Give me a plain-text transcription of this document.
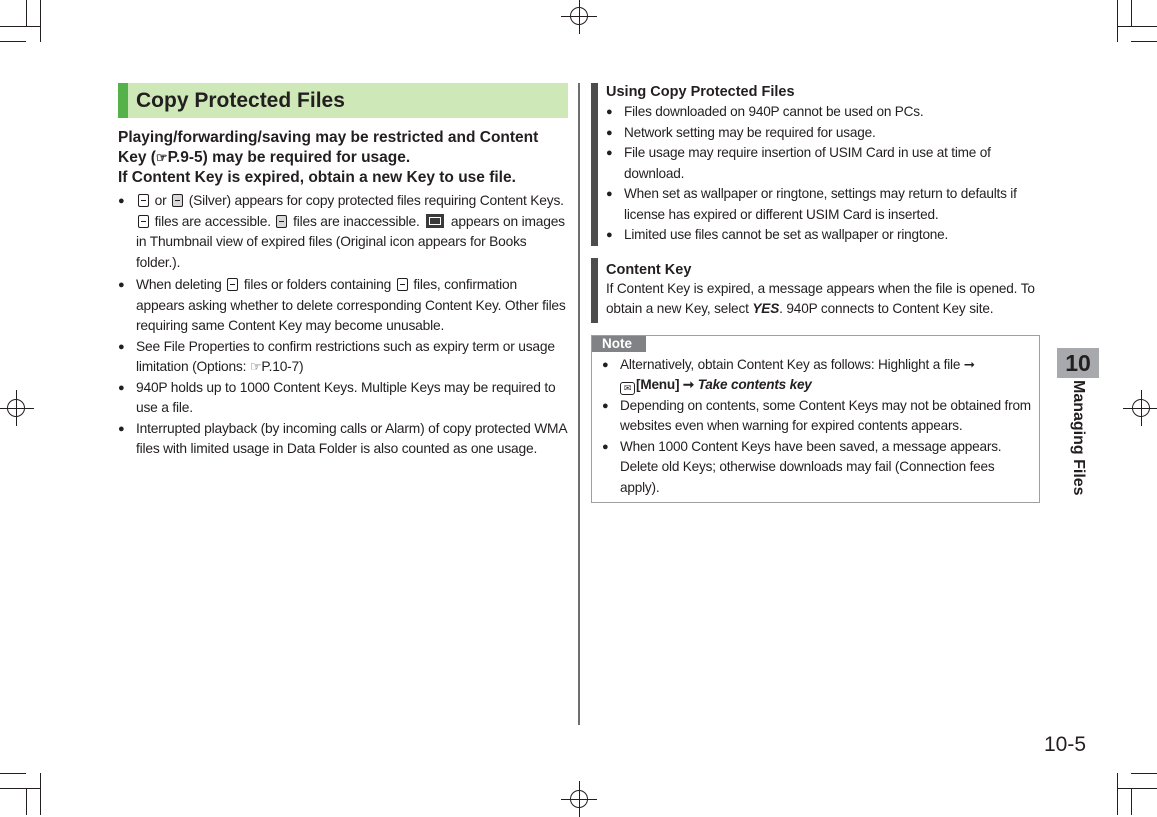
Copy Protected Files
Playing/forwarding/saving may be restricted and Content
Key (☞P.9-5) may be required for usage.
If Content Key is expired, obtain a new Key to use file.
● or  (Silver) appears for copy protected files requiring Content Keys.  files are accessible.  files are inaccessible.  appears on images in Thumbnail view of expired files (Original icon appears for Books folder.).
● When deleting  files or folders containing  files, confirmation appears asking whether to delete corresponding Content Key. Other files requiring same Content Key may become unusable.
● See File Properties to confirm restrictions such as expiry term or usage limitation (Options: ☞P.10-7)
● 940P holds up to 1000 Content Keys. Multiple Keys may be required to use a file.
● Interrupted playback (by incoming calls or Alarm) of copy protected WMA files with limited usage in Data Folder is also counted as one usage.
Using Copy Protected Files
● Files downloaded on 940P cannot be used on PCs.
● Network setting may be required for usage.
● File usage may require insertion of USIM Card in use at time of download.
● When set as wallpaper or ringtone, settings may return to defaults if license has expired or different USIM Card is inserted.
● Limited use files cannot be set as wallpaper or ringtone.
Content Key

If Content Key is expired, a message appears when the file is opened. To obtain a new Key, select YES. 940P connects to Content Key site.

Note
● Alternatively, obtain Content Key as follows: Highlight a file ➞
✉ [Menu] ➞ Take contents key
● Depending on contents, some Content Keys may not be obtained from websites even when warning for expired contents appears.
● When 1000 Content Keys have been saved, a message appears. Delete old Keys; otherwise downloads may fail (Connection fees apply).
10
Managing Files
10-5
